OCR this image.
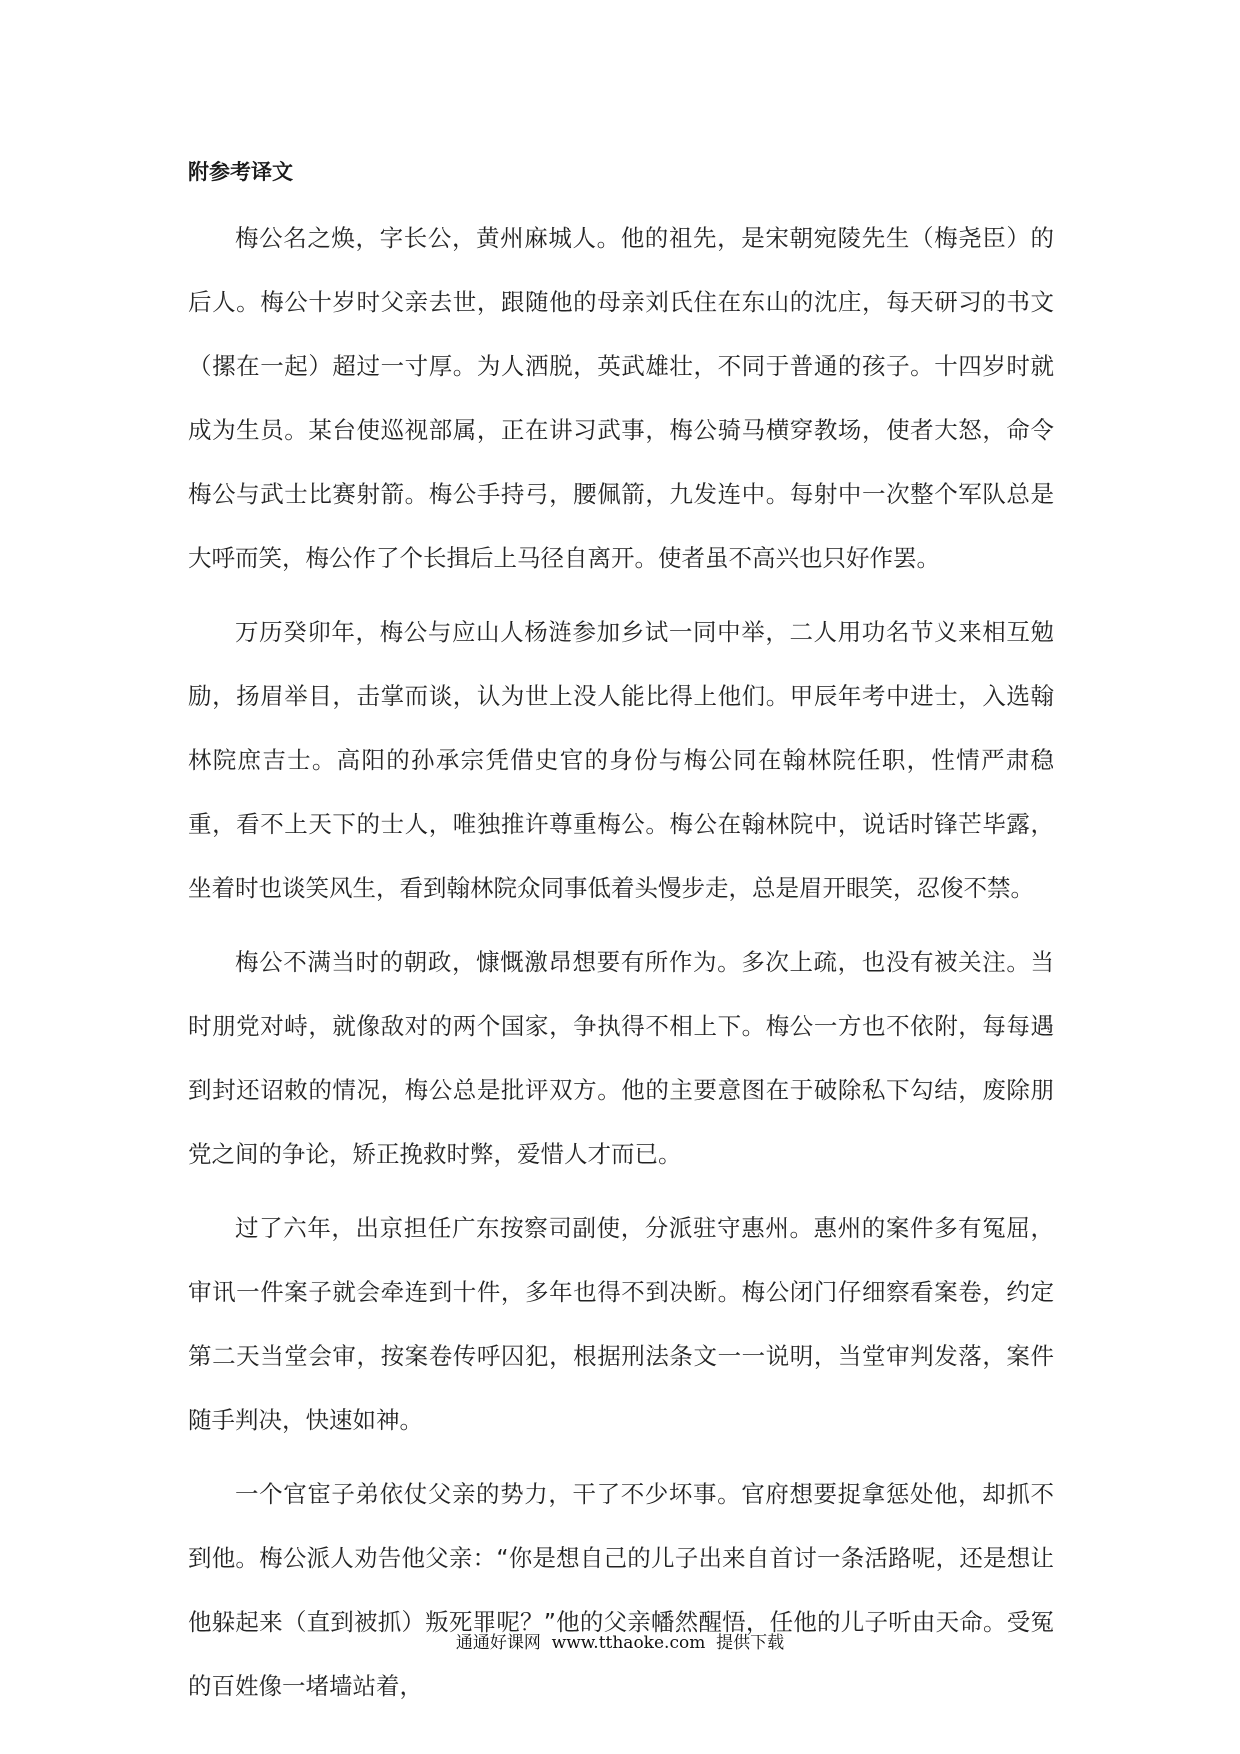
附参考译文

梅公名之焕，字长公，黄州麻城人。他的祖先，是宋朝宛陵先生（梅尧臣）的后人。梅公十岁时父亲去世，跟随他的母亲刘氏住在东山的沈庄，每天研习的书文（摞在一起）超过一寸厚。为人洒脱，英武雄壮，不同于普通的孩子。十四岁时就成为生员。某台使巡视部属，正在讲习武事，梅公骑马横穿教场，使者大怒，命令梅公与武士比赛射箭。梅公手持弓，腰佩箭，九发连中。每射中一次整个军队总是大呼而笑，梅公作了个长揖后上马径自离开。使者虽不高兴也只好作罢。

万历癸卯年，梅公与应山人杨涟参加乡试一同中举，二人用功名节义来相互勉励，扬眉举目，击掌而谈，认为世上没人能比得上他们。甲辰年考中进士，入选翰林院庶吉士。高阳的孙承宗凭借史官的身份与梅公同在翰林院任职，性情严肃稳重，看不上天下的士人，唯独推许尊重梅公。梅公在翰林院中，说话时锋芒毕露，坐着时也谈笑风生，看到翰林院众同事低着头慢步走，总是眉开眼笑，忍俊不禁。

梅公不满当时的朝政，慷慨激昂想要有所作为。多次上疏，也没有被关注。当时朋党对峙，就像敌对的两个国家，争执得不相上下。梅公一方也不依附，每每遇到封还诏敕的情况，梅公总是批评双方。他的主要意图在于破除私下勾结，废除朋党之间的争论，矫正挽救时弊，爱惜人才而已。

过了六年，出京担任广东按察司副使，分派驻守惠州。惠州的案件多有冤屈，审讯一件案子就会牵连到十件，多年也得不到决断。梅公闭门仔细察看案卷，约定第二天当堂会审，按案卷传呼囚犯，根据刑法条文一一说明，当堂审判发落，案件随手判决，快速如神。

一个官宦子弟依仗父亲的势力，干了不少坏事。官府想要捉拿惩处他，却抓不到他。梅公派人劝告他父亲：“你是想自己的儿子出来自首讨一条活路呢，还是想让他躲起来（直到被抓）叛死罪呢？”他的父亲幡然醒悟，任他的儿子听由天命。受冤的百姓像一堵墙站着，

通通好课网 www.tthaoke.com 提供下载
